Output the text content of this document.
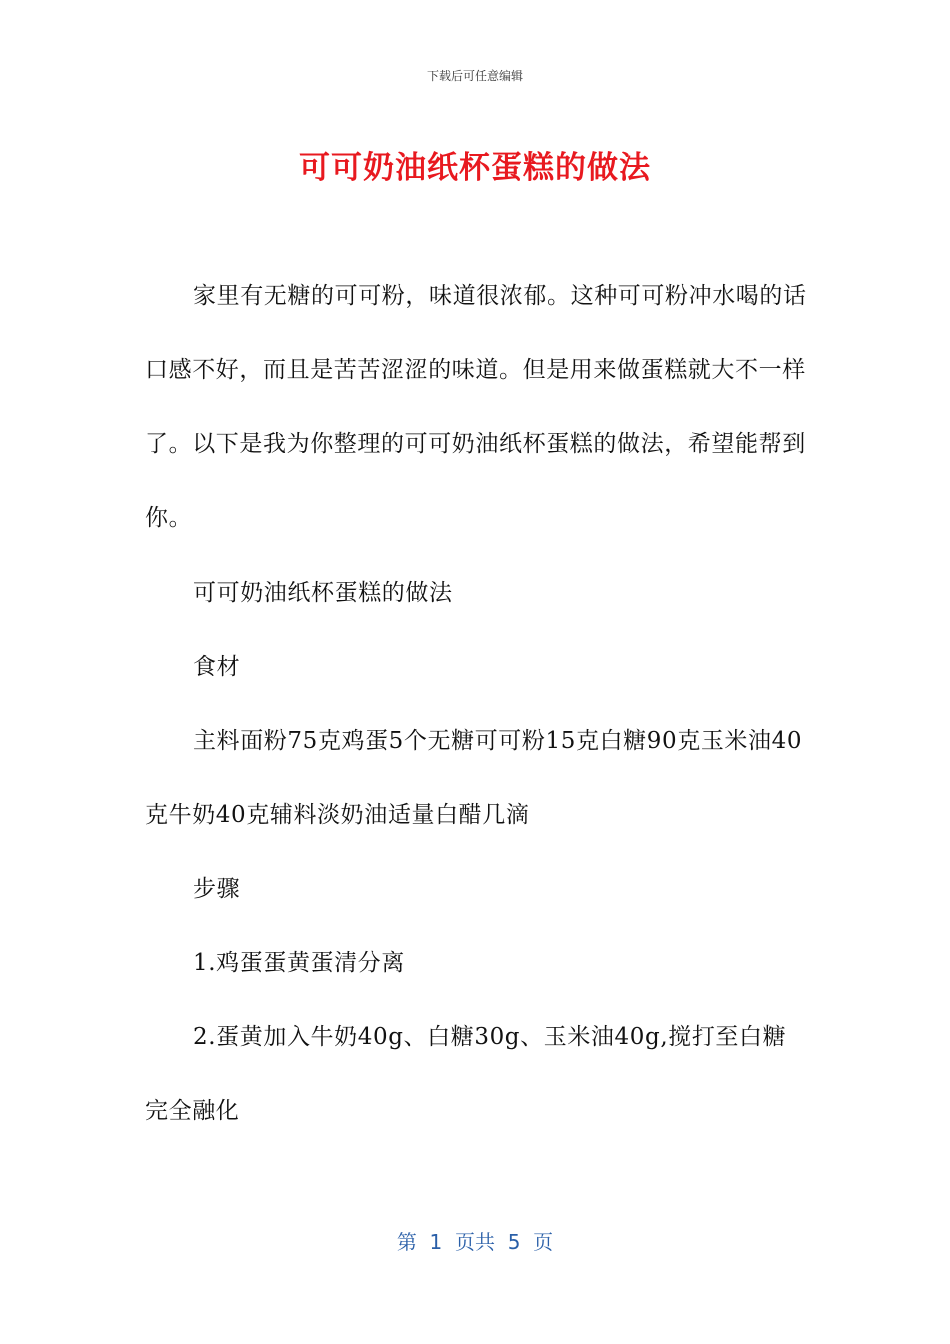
下载后可任意编辑
可可奶油纸杯蛋糕的做法

家里有无糖的可可粉，味道很浓郁。这种可可粉冲水喝的话口感不好，而且是苦苦涩涩的味道。但是用来做蛋糕就大不一样了。以下是我为你整理的可可奶油纸杯蛋糕的做法，希望能帮到你。

可可奶油纸杯蛋糕的做法

食材

主料面粉75克鸡蛋5个无糖可可粉15克白糖90克玉米油40克牛奶40克辅料淡奶油适量白醋几滴

步骤

1.鸡蛋蛋黄蛋清分离

2.蛋黄加入牛奶40g、白糖30g、玉米油40g,搅打至白糖完全融化

第  1  页共  5  页
